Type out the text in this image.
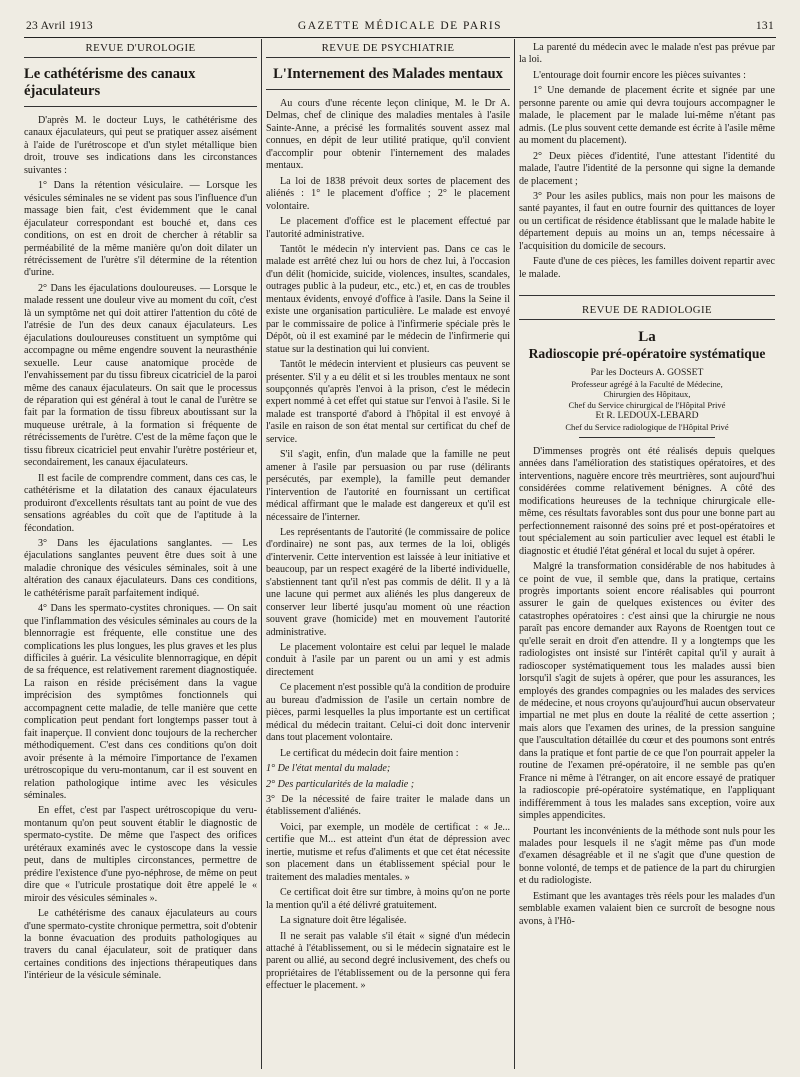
23 Avril 1913	GAZETTE MÉDICALE DE PARIS	131
REVUE D'UROLOGIE
Le cathétérisme des canaux éjaculateurs

D'après M. le docteur Luys, le cathétérisme des canaux éjaculateurs, qui peut se pratiquer assez aisément à l'aide de l'urétroscope et d'un stylet métallique bien droit, trouve ses indications dans les circonstances suivantes :

1° Dans la rétention vésiculaire. — Lorsque les vésicules séminales ne se vident pas sous l'influence d'un massage bien fait, c'est évidemment que le canal éjaculateur correspondant est bouché et, dans ces conditions, on est en droit de chercher à rétablir sa perméabilité de la même manière qu'on doit dilater un rétrécissement de l'urètre s'il détermine de la rétention d'urine.

2° Dans les éjaculations douloureuses. — Lorsque le malade ressent une douleur vive au moment du coït, c'est là un symptôme net qui doit attirer l'attention du côté de l'atrésie de l'un des deux canaux éjaculateurs. Les éjaculations douloureuses constituent un symptôme qui accompagne ou même engendre souvent la neurasthénie sexuelle. Leur cause anatomique procède de l'envahissement par du tissu fibreux cicatriciel de la paroi même des canaux éjaculateurs. On sait que le processus de réparation qui est général à tout le canal de l'urètre se fait par la formation de tissu fibreux aboutissant sur la muqueuse urétrale, à la formation si fréquente de rétrécissements de l'urètre. C'est de la même façon que le tissu fibreux cicatriciel peut envahir l'urètre postérieur et, secondairement, les canaux éjaculateurs.

Il est facile de comprendre comment, dans ces cas, le cathétérisme et la dilatation des canaux éjaculateurs produiront d'excellents résultats tant au point de vue des sensations agréables du coït que de l'aptitude à la fécondation.

3° Dans les éjaculations sanglantes. — Les éjaculations sanglantes peuvent être dues soit à une maladie chronique des vésicules séminales, soit à une altération des canaux éjaculateurs. Dans ces conditions, le cathétérisme paraît parfaitement indiqué.

4° Dans les spermato-cystites chroniques. — On sait que l'inflammation des vésicules séminales au cours de la blennorragie est fréquente, elle constitue une des complications les plus longues, les plus graves et les plus difficiles à guérir. La vésiculite blennorragique, en dépit de sa fréquence, est relativement rarement diagnostiquée. La raison en réside précisément dans la vague imprécision des symptômes fonctionnels qui accompagnent cette maladie, de telle manière que cette complication peut pendant fort longtemps passer tout à fait inaperçue. Il convient donc toujours de la rechercher méthodiquement. C'est dans ces conditions qu'on doit avoir présente à la mémoire l'importance de l'examen urétroscopique du veru-montanum, car il est souvent en relation pathologique intime avec les vésicules séminales.

En effet, c'est par l'aspect urétroscopique du veru-montanum qu'on peut souvent établir le diagnostic de spermato-cystite. De même que l'aspect des orifices urétéraux examinés avec le cystoscope dans la vessie peut, dans de multiples circonstances, permettre de prédire l'existence d'une pyo-néphrose, de même on peut dire que « l'utricule prostatique doit être appelé le « miroir des vésicules séminales ».

Le cathétérisme des canaux éjaculateurs au cours d'une spermato-cystite chronique permettra, soit d'obtenir la bonne évacuation des produits pathologiques au travers du canal éjaculateur, soit de pratiquer dans certaines conditions des injections thérapeutiques dans l'intérieur de la vésicule séminale.

REVUE DE PSYCHIATRIE
L'Internement des Malades mentaux

Au cours d'une récente leçon clinique, M. le Dr A. Delmas, chef de clinique des maladies mentales à l'asile Sainte-Anne, a précisé les formalités souvent assez mal connues, en dépit de leur utilité pratique, qu'il convient d'accomplir pour obtenir l'internement des malades mentaux.

La loi de 1838 prévoit deux sortes de placement des aliénés : 1° le placement d'office ; 2° le placement volontaire.

Le placement d'office est le placement effectué par l'autorité administrative.

Tantôt le médecin n'y intervient pas. Dans ce cas le malade est arrêté chez lui ou hors de chez lui, à l'occasion d'un délit (homicide, suicide, violences, insultes, scandales, outrages public à la pudeur, etc., etc.) et, en cas de troubles mentaux évidents, envoyé d'office à l'asile. Dans la Seine il existe une organisation particulière. Le malade est envoyé par le commissaire de police à l'infirmerie spéciale près le Dépôt, où il est examiné par le médecin de l'infirmerie qui statue sur la destination qui lui convient.

Tantôt le médecin intervient et plusieurs cas peuvent se présenter. S'il y a eu délit et si les troubles mentaux ne sont soupçonnés qu'après l'envoi à la prison, c'est le médecin expert nommé à cet effet qui statue sur l'envoi à l'asile. Si le malade est transporté d'abord à l'hôpital il est envoyé à l'asile en raison de son état mental sur certificat du chef de service.

S'il s'agit, enfin, d'un malade que la famille ne peut amener à l'asile par persuasion ou par ruse (délirants persécutés, par exemple), la famille peut demander l'intervention de l'autorité en fournissant un certificat médical affirmant que le malade est dangereux et qu'il est nécessaire de l'interner.

Les représentants de l'autorité (le commissaire de police d'ordinaire) ne sont pas, aux termes de la loi, obligés d'intervenir. Cette intervention est laissée à leur initiative et beaucoup, par un respect exagéré de la liberté individuelle, s'abstiennent tant qu'il n'est pas commis de délit. Il y a là une lacune qui permet aux aliénés les plus dangereux de conserver leur liberté jusqu'au moment où une réaction souvent grave (homicide) met en mouvement l'autorité administrative.

Le placement volontaire est celui par lequel le malade conduit à l'asile par un parent ou un ami y est admis directement

Ce placement n'est possible qu'à la condition de produire au bureau d'admission de l'asile un certain nombre de pièces, parmi lesquelles la plus importante est un certificat médical du médecin traitant. Celui-ci doit donc intervenir dans tout placement volontaire.

Le certificat du médecin doit faire mention :

1° De l'état mental du malade;

2° Des particularités de la maladie ;

3° De la nécessité de faire traiter le malade dans un établissement d'aliénés.

Voici, par exemple, un modèle de certificat : « Je... certifie que M... est atteint d'un état de dépression avec inertie, mutisme et refus d'aliments et que cet état nécessite son placement dans un établissement spécial pour le traitement des maladies mentales. »

Ce certificat doit être sur timbre, à moins qu'on ne porte la mention qu'il a été délivré gratuitement.

La signature doit être légalisée.

Il ne serait pas valable s'il était « signé d'un médecin attaché à l'établissement, ou si le médecin signataire est le parent ou allié, au second degré inclusivement, des chefs ou propriétaires de l'établissement ou de la personne qui fera effectuer le placement. »

La parenté du médecin avec le malade n'est pas prévue par la loi.

L'entourage doit fournir encore les pièces suivantes :

1° Une demande de placement écrite et signée par une personne parente ou amie qui devra toujours accompagner le malade, le placement par le malade lui-même n'étant pas admis. (Le plus souvent cette demande est écrite à l'asile même au moment du placement).

2° Deux pièces d'identité, l'une attestant l'identité du malade, l'autre l'identité de la personne qui signe la demande de placement ;

3° Pour les asiles publics, mais non pour les maisons de santé payantes, il faut en outre fournir des quittances de loyer ou un certificat de résidence établissant que le malade habite le département depuis au moins un an, temps nécessaire à l'acquisition du domicile de secours.

Faute d'une de ces pièces, les familles doivent repartir avec le malade.

REVUE DE RADIOLOGIE
La
Radioscopie pré-opératoire systématique
Par les Docteurs A. GOSSET
Professeur agrégé à la Faculté de Médecine,
Chirurgien des Hôpitaux,
Chef du Service chirurgical de l'Hôpital Privé
Et R. LEDOUX-LEBARD
Chef du Service radiologique de l'Hôpital Privé

D'immenses progrès ont été réalisés depuis quelques années dans l'amélioration des statistiques opératoires, et des interventions, naguère encore très meurtrières, sont aujourd'hui considérées comme relativement bénignes. A côté des modifications heureuses de la technique chirurgicale elle-même, ces résultats favorables sont dus pour une bonne part au perfectionnement raisonné des soins pré et post-opératoires et tout spécialement au soin particulier avec lequel est établi le diagnostic et étudié l'état général et local du sujet à opérer.

Malgré la transformation considérable de nos habitudes à ce point de vue, il semble que, dans la pratique, certains progrès importants soient encore réalisables qui pourront assurer le gain de quelques existences ou éviter des catastrophes opératoires : c'est ainsi que la chirurgie ne nous paraît pas encore demander aux Rayons de Roentgen tout ce qu'elle serait en droit d'en attendre. Il y a longtemps que les radiologistes ont insisté sur l'intérêt capital qu'il y aurait à radioscoper systématiquement tous les malades aussi bien lorsqu'il s'agit de sujets à opérer, que pour les assurances, les employés des grandes compagnies ou les malades des services de médecine, et nous croyons qu'aujourd'hui aucun observateur impartial ne met plus en doute la réalité de cette assertion ; mais alors que l'examen des urines, de la pression sanguine que l'auscultation détaillée du cœur et des poumons sont entrés dans la pratique et font partie de ce que l'on pourrait appeler la routine de l'examen pré-opératoire, il ne semble pas qu'en France ni même à l'étranger, on ait encore essayé de pratiquer la radioscopie pré-opératoire systématique, en l'appliquant indifféremment à tous les malades sans exception, voire aux simples appendicites.

Pourtant les inconvénients de la méthode sont nuls pour les malades pour lesquels il ne s'agit même pas d'un mode d'examen désagréable et il ne s'agit que d'une question de bonne volonté, de temps et de patience de la part du chirurgien et du radiologiste.

Estimant que les avantages très réels pour les malades d'un semblable examen valaient bien ce surcroît de besogne nous avons, à l'Hô-
